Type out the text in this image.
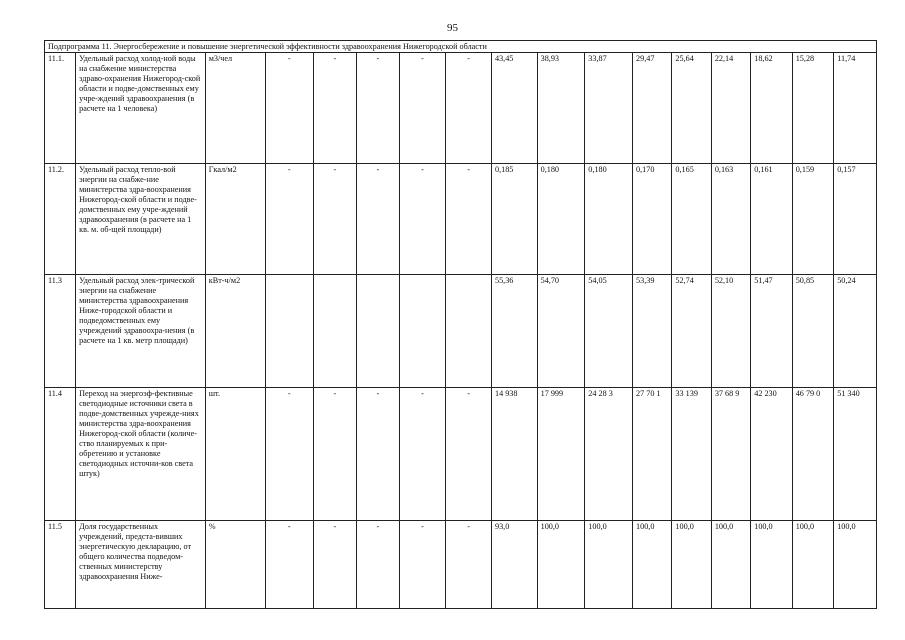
95
Подпрограмма 11. Энергосбережение и повышение энергетической эффективности здравоохранения Нижегородской области																
11.1.	Удельный расход холод-ной воды на снабжение министерства здраво-охранения Нижегород-ской области и подве-домственных ему учре-ждений здравоохранения (в расчете на 1 человека)	м3/чел	-	-	-	-	-	43,45	38,93	33,87	29,47	25,64	22,14	18,62	15,28	11,74
11.2.	Удельный расход тепло-вой энергии на снабже-ние министерства здра-воохранения Нижегород-ской области и подве-домственных ему учре-ждений здравоохранения (в расчете на 1 кв. м. об-щей площади)	Гкал/м2	-	-	-	-	-	0,185	0,180	0,180	0,170	0,165	0,163	0,161	0,159	0,157
11.3	Удельный расход элек-трической энергии на снабжение министерства здравоохранения Ниже-городской области и подведомственных ему учреждений здравоохра-нения (в расчете на 1 кв. метр площади)	кВт-ч/м2						55,36	54,70	54,05	53,39	52,74	52,10	51,47	50,85	50,24
11.4	Переход на энергоэф-фективные светодиодные источники света в подве-домственных учрежде-ниях министерства здра-воохранения Нижегород-ской области (количе-ство планируемых к при-обретению и установке светодиодных источни-ков света штук)	шт.	-	-	-	-	-	14 938	17 999	24 28 3	27 70 1	33 139	37 68 9	42 230	46 79 0	51 340
11.5	Доля государственных учреждений, предста-вивших энергетическую декларацию, от общего количества подведом-ственных министерству здравоохранения Ниже-	%	-	-	-	-	-	93,0	100,0	100,0	100,0	100,0	100,0	100,0	100,0	100,0
